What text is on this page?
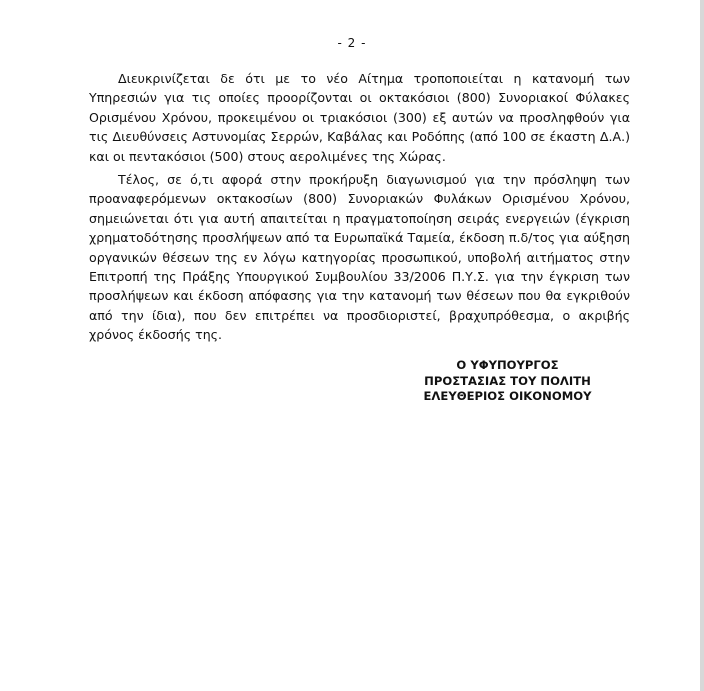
- 2 -

Διευκρινίζεται δε ότι με το νέο Αίτημα τροποποιείται η κατανομή των Υπηρεσιών για τις οποίες προορίζονται οι οκτακόσιοι (800) Συνοριακοί Φύλακες Ορισμένου Χρόνου, προκειμένου οι τριακόσιοι (300) εξ αυτών να προσληφθούν για τις Διευθύνσεις Αστυνομίας Σερρών, Καβάλας και Ροδόπης (από 100 σε έκαστη Δ.Α.) και οι πεντακόσιοι (500) στους αερολιμένες της Χώρας.

Τέλος, σε ό,τι αφορά στην προκήρυξη διαγωνισμού για την πρόσληψη των προαναφερόμενων οκτακοσίων (800) Συνοριακών Φυλάκων Ορισμένου Χρόνου, σημειώνεται ότι για αυτή απαιτείται η πραγματοποίηση σειράς ενεργειών (έγκριση χρηματοδότησης προσλήψεων από τα Ευρωπαϊκά Ταμεία, έκδοση π.δ/τος για αύξηση οργανικών θέσεων της εν λόγω κατηγορίας προσωπικού, υποβολή αιτήματος στην Επιτροπή της Πράξης Υπουργικού Συμβουλίου 33/2006 Π.Υ.Σ. για την έγκριση των προσλήψεων και έκδοση απόφασης για την κατανομή των θέσεων που θα εγκριθούν από την ίδια), που δεν επιτρέπει να προσδιοριστεί, βραχυπρόθεσμα, ο ακριβής χρόνος έκδοσής της.

Ο ΥΦΥΠΟΥΡΓΟΣ
ΠΡΟΣΤΑΣΙΑΣ ΤΟΥ ΠΟΛΙΤΗ
ΕΛΕΥΘΕΡΙΟΣ ΟΙΚΟΝΟΜΟΥ
